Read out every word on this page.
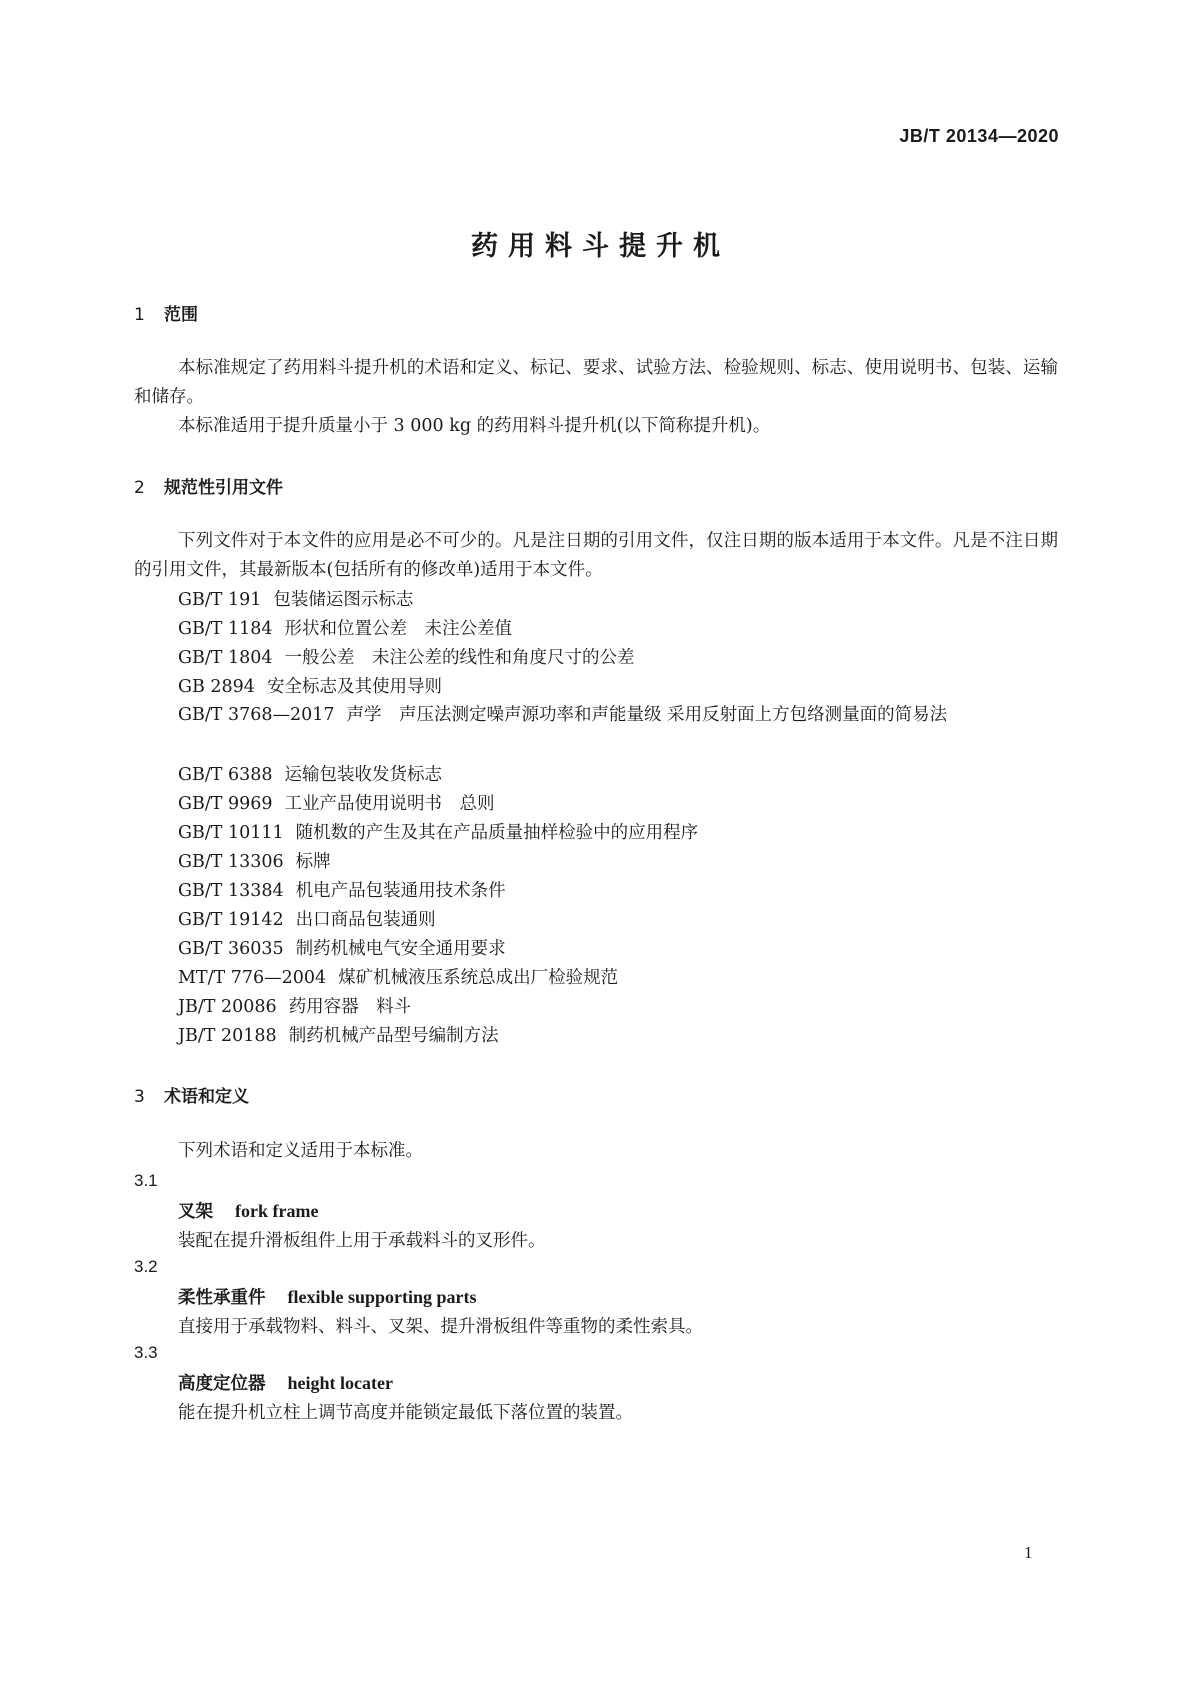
JB/T 20134—2020
药用料斗提升机
1 范围
本标准规定了药用料斗提升机的术语和定义、标记、要求、试验方法、检验规则、标志、使用说明书、包装、运输和储存。
本标准适用于提升质量小于 3 000 kg 的药用料斗提升机(以下简称提升机)。
2 规范性引用文件
下列文件对于本文件的应用是必不可少的。凡是注日期的引用文件，仅注日期的版本适用于本文件。凡是不注日期的引用文件，其最新版本(包括所有的修改单)适用于本文件。
GB/T 191 包装储运图示标志
GB/T 1184 形状和位置公差　未注公差值
GB/T 1804 一般公差　未注公差的线性和角度尺寸的公差
GB 2894 安全标志及其使用导则
GB/T 3768—2017 声学　声压法测定噪声源功率和声能量级 采用反射面上方包络测量面的简易法
GB/T 6388 运输包装收发货标志
GB/T 9969 工业产品使用说明书　总则
GB/T 10111 随机数的产生及其在产品质量抽样检验中的应用程序
GB/T 13306 标牌
GB/T 13384 机电产品包装通用技术条件
GB/T 19142 出口商品包装通则
GB/T 36035 制药机械电气安全通用要求
MT/T 776—2004 煤矿机械液压系统总成出厂检验规范
JB/T 20086 药用容器　料斗
JB/T 20188 制药机械产品型号编制方法
3 术语和定义
下列术语和定义适用于本标准。
3.1
叉架 fork frame
装配在提升滑板组件上用于承载料斗的叉形件。
3.2
柔性承重件 flexible supporting parts
直接用于承载物料、料斗、叉架、提升滑板组件等重物的柔性索具。
3.3
高度定位器 height locater
能在提升机立柱上调节高度并能锁定最低下落位置的装置。
1
